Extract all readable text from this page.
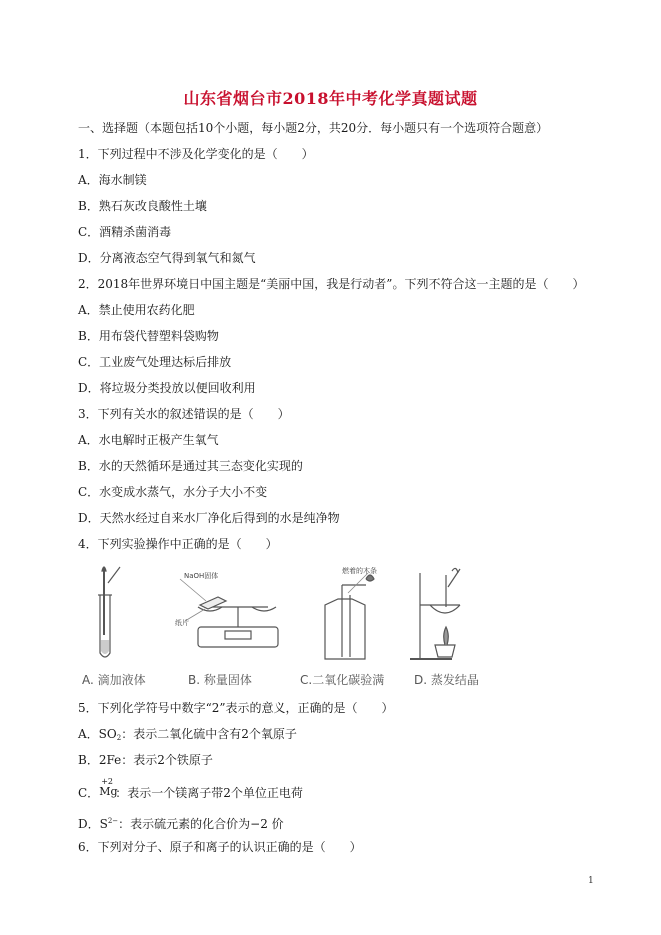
山东省烟台市2018年中考化学真题试题
一、选择题（本题包括10个小题，每小题2分，共20分．每小题只有一个选项符合题意）
1．下列过程中不涉及化学变化的是（　　）
A．海水制镁
B．熟石灰改良酸性土壤
C．酒精杀菌消毒
D．分离液态空气得到氧气和氮气
2．2018年世界环境日中国主题是“美丽中国，我是行动者”。下列不符合这一主题的是（　　）
A．禁止使用农药化肥
B．用布袋代替塑料袋购物
C．工业废气处理达标后排放
D．将垃圾分类投放以便回收利用
3．下列有关水的叙述错误的是（　　）
A．水电解时正极产生氧气
B．水的天然循环是通过其三态变化实现的
C．水变成水蒸气，水分子大小不变
D．天然水经过自来水厂净化后得到的水是纯净物
4．下列实验操作中正确的是（　　）
NaOH固体
纸片
燃着的木条
A. 滴加液体	B. 称量固体	C.二氧化碳验满 D. 蒸发结晶
5．下列化学符号中数字“2”表示的意义，正确的是（　　）
A．$SO_2$：表示二氧化硫中含有2个氧原子
B．2Fe：表示2个铁原子
C．
+2
Mg
：表示一个镁离子带2个单位正电荷
D．$S^{2-}$：表示硫元素的化合价为−2 价
6．下列对分子、原子和离子的认识正确的是（　　）
1
